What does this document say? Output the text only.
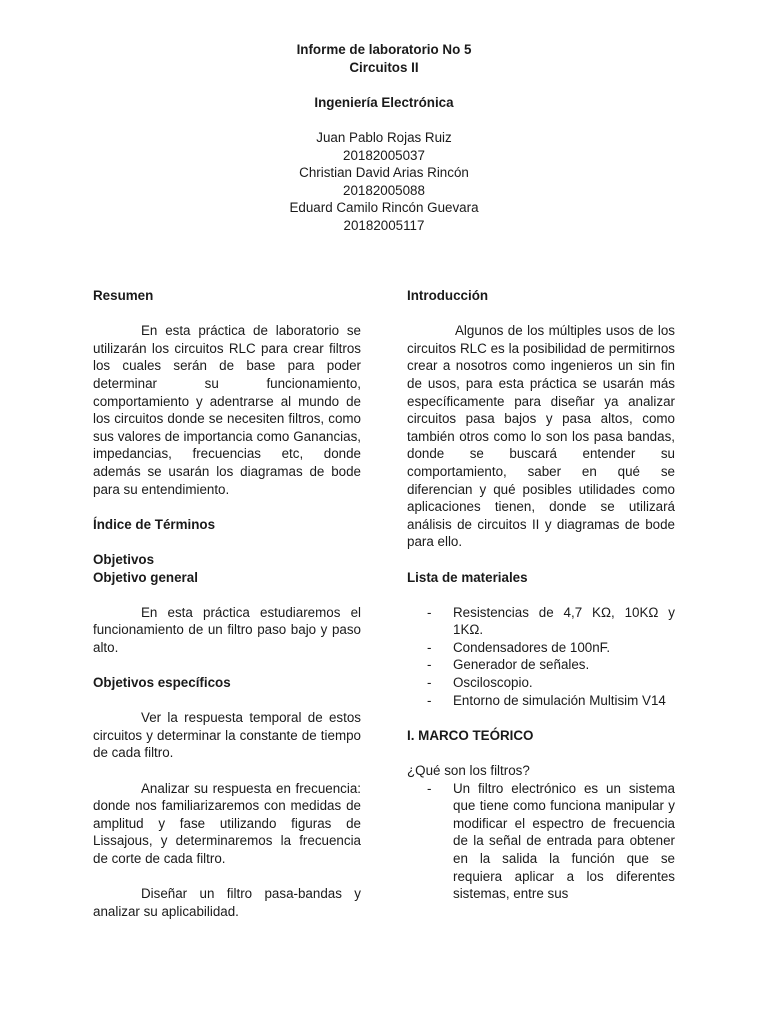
Informe de laboratorio No 5
Circuitos II
Ingeniería Electrónica
Juan Pablo Rojas Ruiz
20182005037
Christian David Arias Rincón
20182005088
Eduard Camilo Rincón Guevara
20182005117
Resumen

En esta práctica de laboratorio se utilizarán los circuitos RLC para crear filtros los cuales serán de base para poder determinar su funcionamiento, comportamiento y adentrarse al mundo de los circuitos donde se necesiten filtros, como sus valores de importancia como Ganancias, impedancias, frecuencias etc, donde además se usarán los diagramas de bode para su entendimiento.

Índice de Términos
Objetivos
Objetivo general

En esta práctica estudiaremos el funcionamiento de un filtro paso bajo y paso alto.

Objetivos específicos

Ver la respuesta temporal de estos circuitos y determinar la constante de tiempo de cada filtro.

Analizar su respuesta en frecuencia: donde nos familiarizaremos con medidas de amplitud y fase utilizando figuras de Lissajous, y determinaremos la frecuencia de corte de cada filtro.

Diseñar un filtro pasa-bandas y analizar su aplicabilidad.

Introducción

Algunos de los múltiples usos de los circuitos RLC es la posibilidad de permitirnos crear a nosotros como ingenieros un sin fin de usos, para esta práctica se usarán más específicamente para diseñar ya analizar circuitos pasa bajos y pasa altos, como también otros como lo son los pasa bandas, donde se buscará entender su comportamiento, saber en qué se diferencian y qué posibles utilidades como aplicaciones tienen, donde se utilizará análisis de circuitos II y diagramas de bode para ello.

Lista de materiales
- Resistencias de 4,7 KΩ, 10KΩ y 1KΩ.
- Condensadores de 100nF.
- Generador de señales.
- Osciloscopio.
- Entorno de simulación Multisim V14
I. MARCO TEÓRICO
¿Qué son los filtros?
- Un filtro electrónico es un sistema que tiene como funciona manipular y modificar el espectro de frecuencia de la señal de entrada para obtener en la salida la función que se requiera aplicar a los diferentes sistemas, entre sus
